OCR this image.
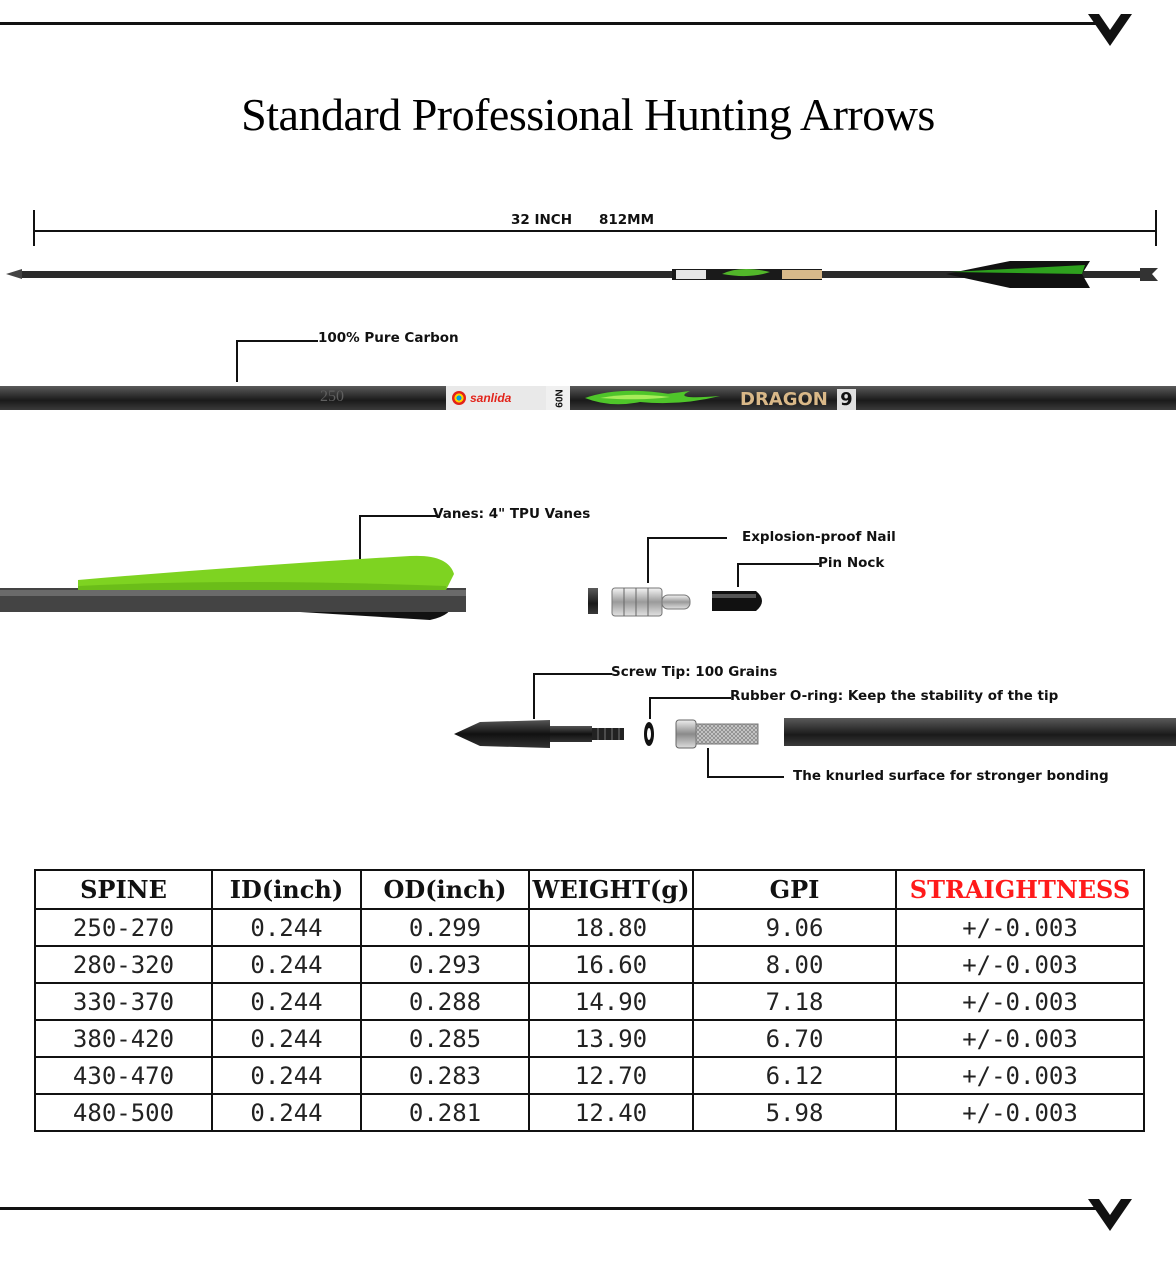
Standard Professional Hunting Arrows
32 INCH 812MM
100% Pure Carbon
250	sanlida	N09	DRAGON 9
Vanes: 4" TPU Vanes
Explosion-proof Nail
Pin Nock
Screw Tip: 100 Grains
Rubber O-ring: Keep the stability of the tip
The knurled surface for stronger bonding
SPINE	ID(inch)	OD(inch)	WEIGHT(g)	GPI	STRAIGHTNESS
250-270	0.244	0.299	18.80	9.06	+/-0.003
280-320	0.244	0.293	16.60	8.00	+/-0.003
330-370	0.244	0.288	14.90	7.18	+/-0.003
380-420	0.244	0.285	13.90	6.70	+/-0.003
430-470	0.244	0.283	12.70	6.12	+/-0.003
480-500	0.244	0.281	12.40	5.98	+/-0.003
